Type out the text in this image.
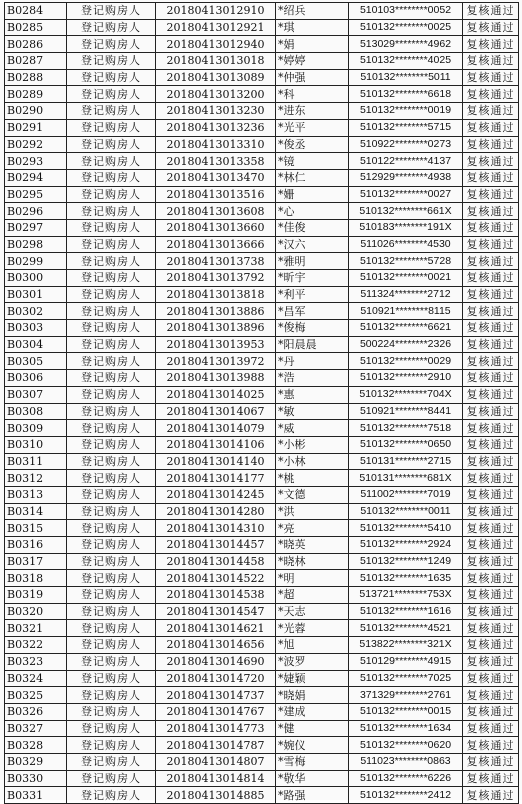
B0284	登记购房人	20180413012910	*绍兵	510103********0052	复核通过
B0285	登记购房人	20180413012921	*琪	510132********0025	复核通过
B0286	登记购房人	20180413012940	*娟	513029********4962	复核通过
B0287	登记购房人	20180413013018	*婷婷	510132********4025	复核通过
B0288	登记购房人	20180413013089	*仲强	510132********5011	复核通过
B0289	登记购房人	20180413013200	*科	510132********6618	复核通过
B0290	登记购房人	20180413013230	*进东	510132********0019	复核通过
B0291	登记购房人	20180413013236	*光平	510132********5715	复核通过
B0292	登记购房人	20180413013310	*俊丞	510922********0273	复核通过
B0293	登记购房人	20180413013358	*镜	510122********4137	复核通过
B0294	登记购房人	20180413013470	*林仁	512929********4938	复核通过
B0295	登记购房人	20180413013516	*姗	510132********0027	复核通过
B0296	登记购房人	20180413013608	*心	510132********661X	复核通过
B0297	登记购房人	20180413013660	*佳俊	510183********191X	复核通过
B0298	登记购房人	20180413013666	*汉六	511026********4530	复核通过
B0299	登记购房人	20180413013738	*雅明	510132********5728	复核通过
B0300	登记购房人	20180413013792	*昕宇	510132********0021	复核通过
B0301	登记购房人	20180413013818	*利平	511324********2712	复核通过
B0302	登记购房人	20180413013886	*昌军	510921********8115	复核通过
B0303	登记购房人	20180413013896	*俊梅	510132********6621	复核通过
B0304	登记购房人	20180413013953	*阳晨晨	500224********2326	复核通过
B0305	登记购房人	20180413013972	*丹	510132********0029	复核通过
B0306	登记购房人	20180413013988	*浩	510132********2910	复核通过
B0307	登记购房人	20180413014025	*惠	510132********704X	复核通过
B0308	登记购房人	20180413014067	*敏	510921********8441	复核通过
B0309	登记购房人	20180413014079	*威	510132********7518	复核通过
B0310	登记购房人	20180413014106	*小彬	510132********0650	复核通过
B0311	登记购房人	20180413014140	*小林	510131********2715	复核通过
B0312	登记购房人	20180413014177	*桃	510131********681X	复核通过
B0313	登记购房人	20180413014245	*文德	511002********7019	复核通过
B0314	登记购房人	20180413014280	*洪	510132********0011	复核通过
B0315	登记购房人	20180413014310	*亮	510132********5410	复核通过
B0316	登记购房人	20180413014457	*晓英	510132********2924	复核通过
B0317	登记购房人	20180413014458	*晓林	510132********1249	复核通过
B0318	登记购房人	20180413014522	*明	510132********1635	复核通过
B0319	登记购房人	20180413014538	*超	513721********753X	复核通过
B0320	登记购房人	20180413014547	*天志	510132********1616	复核通过
B0321	登记购房人	20180413014621	*光蓉	510132********4521	复核通过
B0322	登记购房人	20180413014656	*旭	513822********321X	复核通过
B0323	登记购房人	20180413014690	*波罗	510129********4915	复核通过
B0324	登记购房人	20180413014720	*婕颖	510132********7025	复核通过
B0325	登记购房人	20180413014737	*晓娟	371329********2761	复核通过
B0326	登记购房人	20180413014767	*建成	510132********0015	复核通过
B0327	登记购房人	20180413014773	*健	510132********1634	复核通过
B0328	登记购房人	20180413014787	*婉仪	510132********0620	复核通过
B0329	登记购房人	20180413014807	*雪梅	511023********0863	复核通过
B0330	登记购房人	20180413014814	*敬华	510132********6226	复核通过
B0331	登记购房人	20180413014885	*路强	510132********2412	复核通过
